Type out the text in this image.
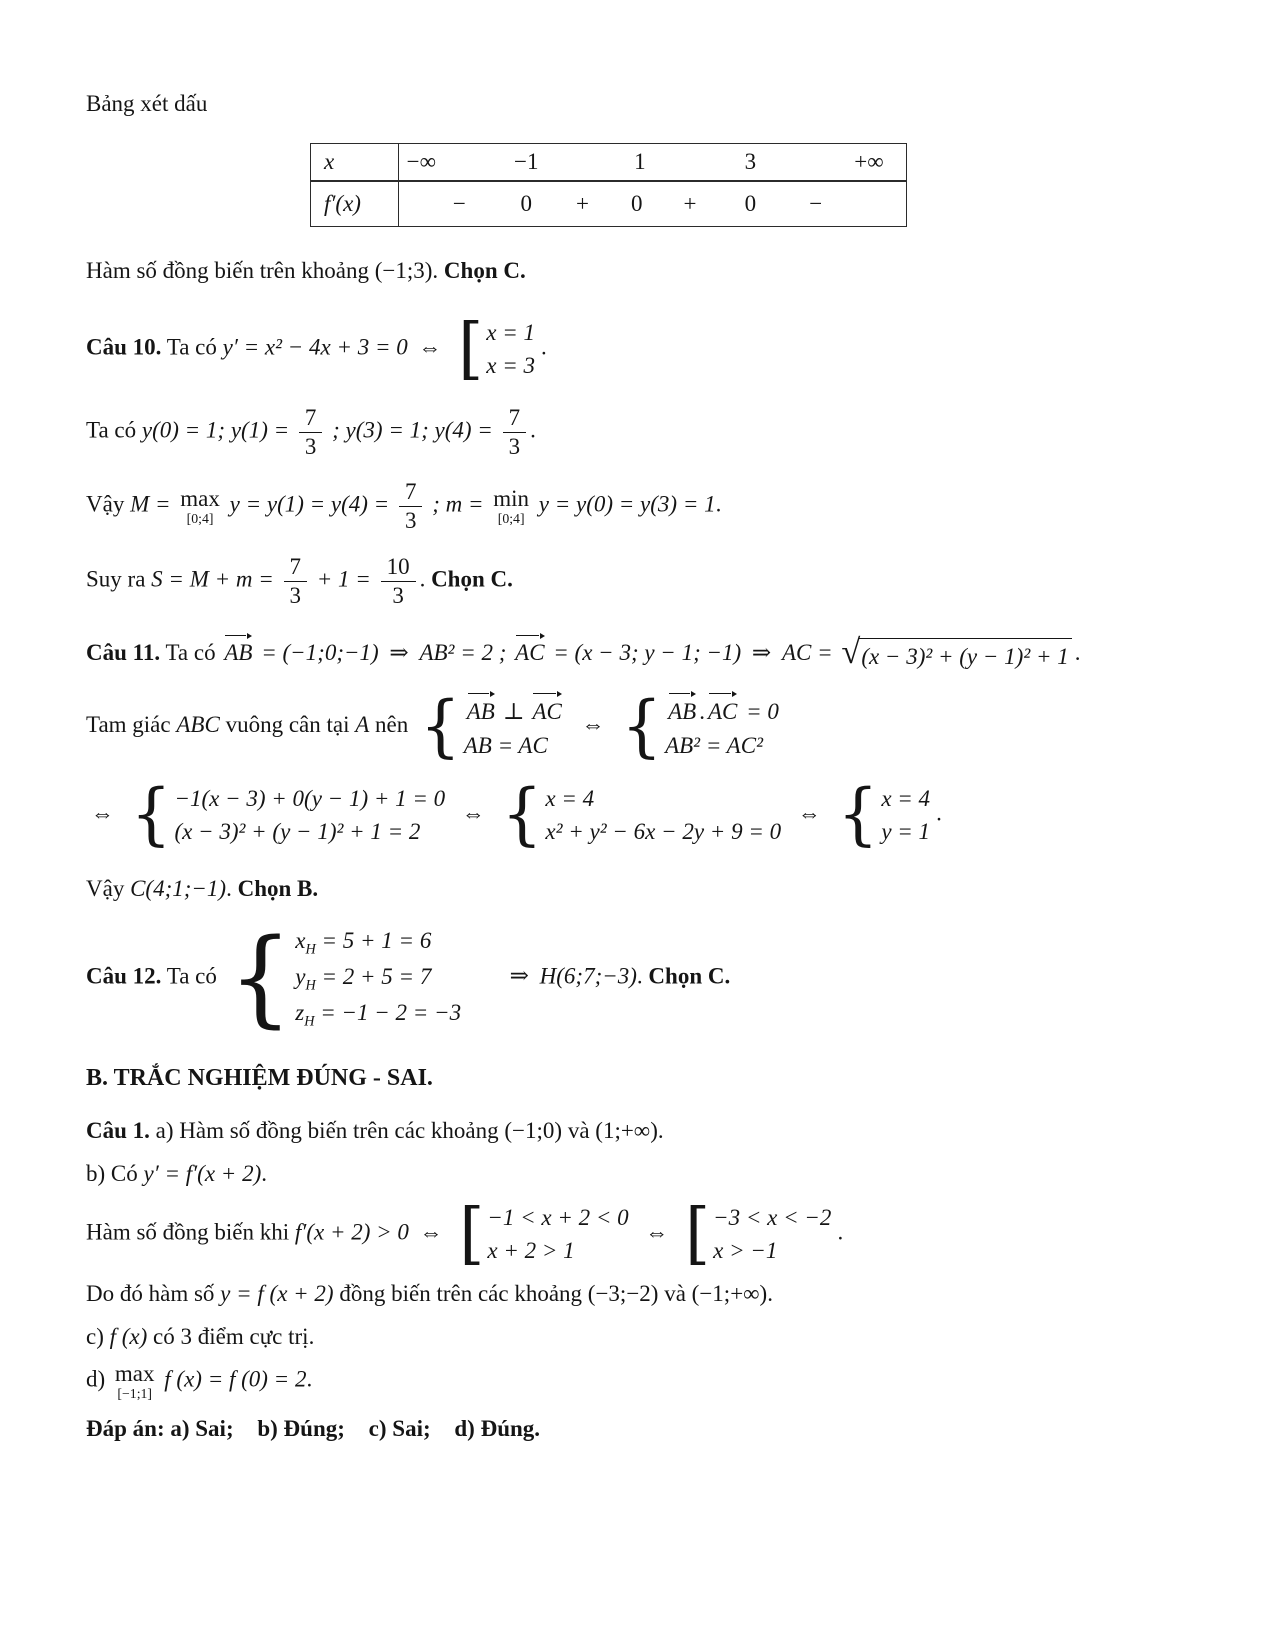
Bảng xét dấu
x	−∞	−1	1	3	+∞
f′(x)	− 0 + 0 + 0 −
Hàm số đồng biến trên khoảng (−1;3). Chọn C.
Câu 10. Ta có y′ = x² − 4x + 3 = 0 ⇔ [ x = 1
x = 3
.
Ta có y(0) = 1; $y(1) = \frac{7}{3}$ ; y(3) = 1; $y(4) = \frac{7}{3}$ .
Vậy M = max
[0;4]
$y = y(1) = y(4) = \frac{7}{3}$ ; m = min
[0;4]
y = y(0) = y(3) = 1.
Suy ra $S = M + m = \frac{7}{3} + 1 = \frac{10}{3}$ . Chọn C.
Câu 11. Ta có AB = (−1;0;−1) ⇒ AB² = 2 ; AC = (x − 3; y − 1; −1) ⇒ AC = √ (x − 3)² + (y − 1)² + 1 .
Tam giác ABC vuông cân tại A nên { AB ⊥ AC
AB = AC
⇔ { AB . AC = 0
AB² = AC²
⇔ { −1(x − 3) + 0(y − 1) + 1 = 0
(x − 3)² + (y − 1)² + 1 = 2
⇔ { x = 4
x² + y² − 6x − 2y + 9 = 0
⇔ { x = 4
y = 1
.
Vậy C(4;1;−1). Chọn B.
Câu 12. Ta có { $x_H = 5 + 1 = 6$
$y_H = 2 + 5 = 7$
$z_H = -1 - 2 = -3$
⇒ H(6;7;−3). Chọn C.
B. TRẮC NGHIỆM ĐÚNG - SAI.
Câu 1. a) Hàm số đồng biến trên các khoảng (−1;0) và (1;+∞).
b) Có y′ = f′(x + 2).
Hàm số đồng biến khi f′(x + 2) > 0 ⇔ [ −1 < x + 2 < 0
x + 2 > 1
⇔ [ −3 < x < −2
x > −1
.
Do đó hàm số y = f (x + 2) đồng biến trên các khoảng (−3;−2) và (−1;+∞).
c) f (x) có 3 điểm cực trị.
d) max
[−1;1]
f (x) = f (0) = 2.
Đáp án: a) Sai; b) Đúng; c) Sai; d) Đúng.
